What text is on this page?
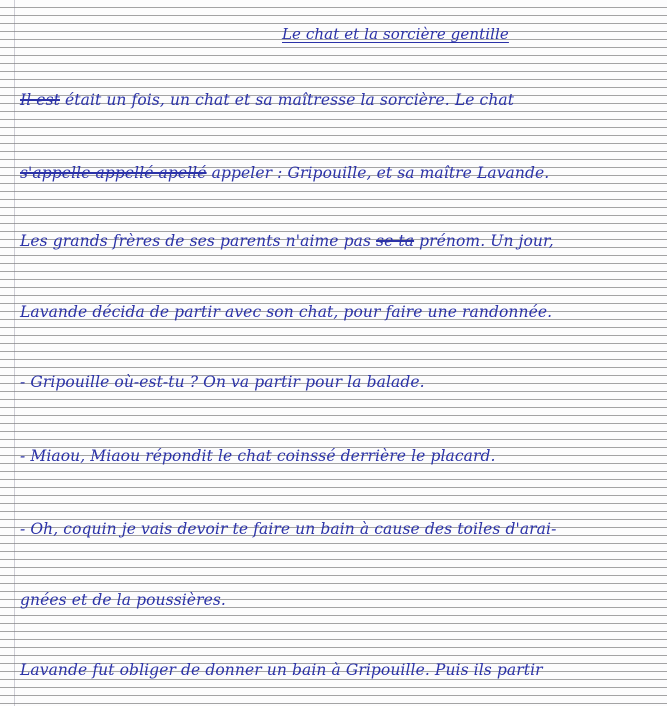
Le chat et la sorcière gentille
Il est était un fois, un chat et sa maîtresse la sorcière. Le chat
s'appelle appellé apellé appeler : Gripouille, et sa maître Lavande.
Les grands frères de ses parents n'aime pas se ta prénom. Un jour,
Lavande décida de partir avec son chat, pour faire une randonnée.
- Gripouille où-est-tu ? On va partir pour la balade.
- Miaou, Miaou répondit le chat coinssé derrière le placard.
- Oh, coquin je vais devoir te faire un bain à cause des toiles d'arai-
gnées et de la poussières.
Lavande fut obliger de donner un bain à Gripouille. Puis ils partir
